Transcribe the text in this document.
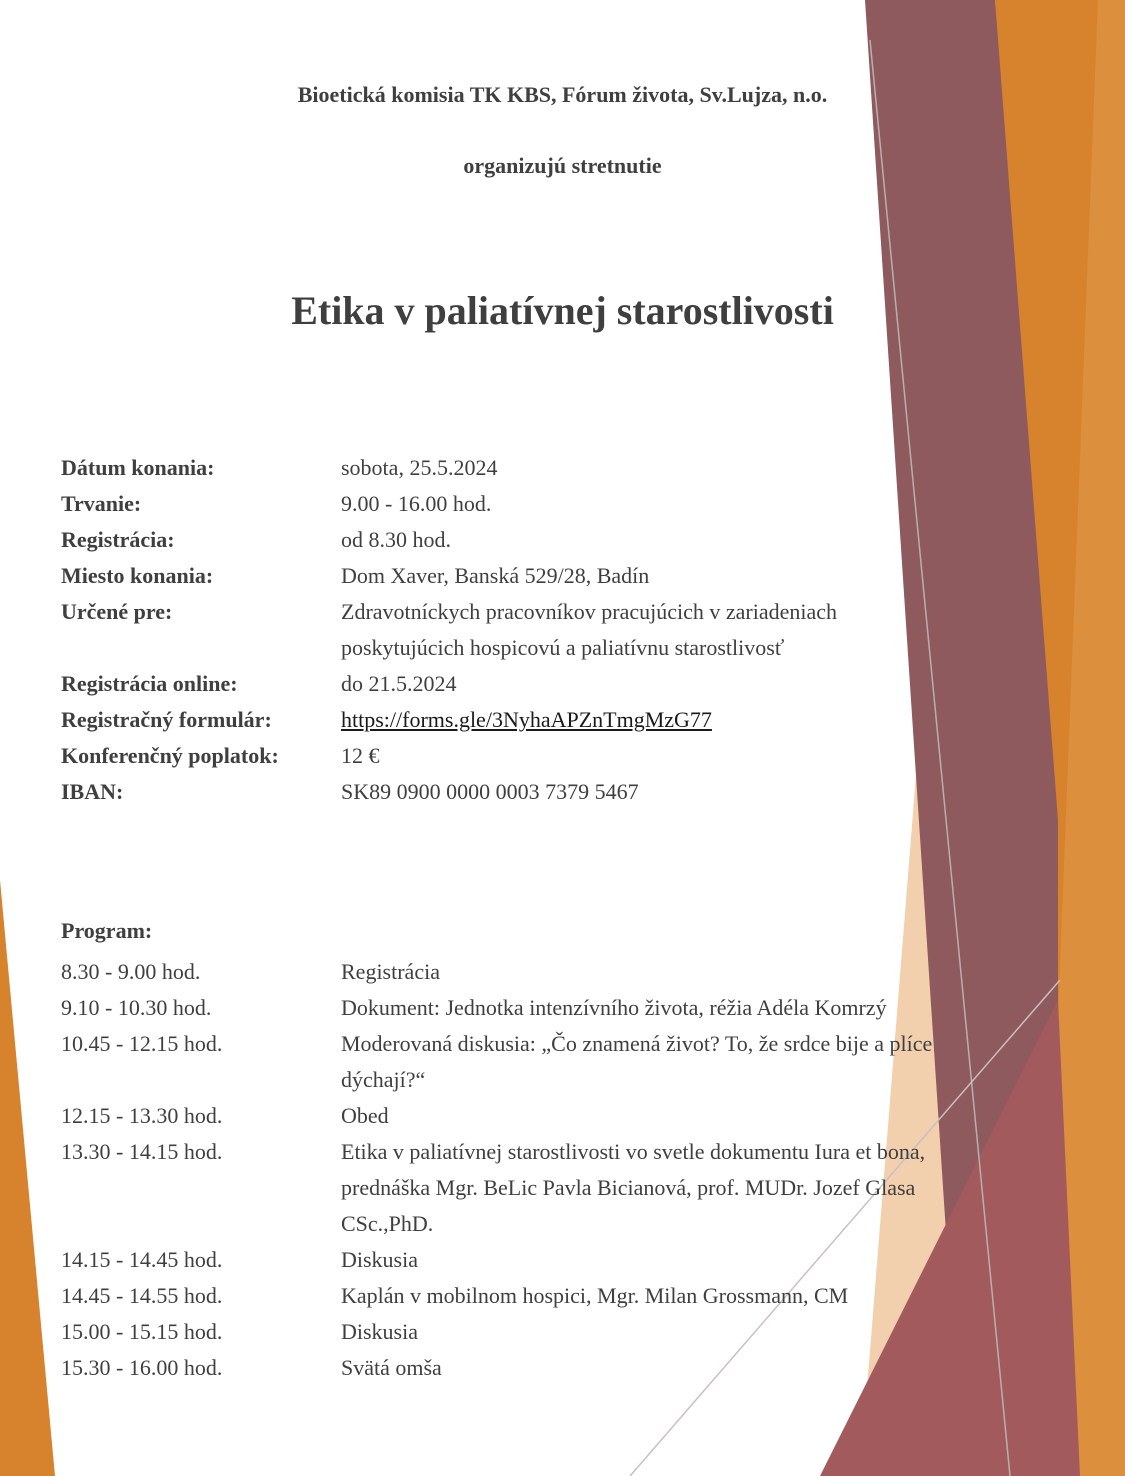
Bioetická komisia TK KBS, Fórum života, Sv.Lujza, n.o.
organizujú stretnutie
Etika v paliatívnej starostlivosti
Dátum konania:	sobota, 25.5.2024
Trvanie:	9.00 - 16.00 hod.
Registrácia:	od 8.30 hod.
Miesto konania:	Dom Xaver, Banská 529/28, Badín
Určené pre:	Zdravotníckych pracovníkov pracujúcich v zariadeniach poskytujúcich hospicovú a paliatívnu starostlivosť
Registrácia online:	do 21.5.2024
Registračný formulár:	https://forms.gle/3NyhaAPZnTmgMzG77
Konferenčný poplatok:	12 €
IBAN:	SK89 0900 0000 0003 7379 5467
Program:
8.30 - 9.00 hod.	Registrácia
9.10 - 10.30 hod.	Dokument: Jednotka intenzívního života, réžia Adéla Komrzý
10.45 - 12.15 hod.	Moderovaná diskusia: „Čo znamená život? To, že srdce bije a plíce dýchají?“
12.15 - 13.30 hod.	Obed
13.30 - 14.15 hod.	Etika v paliatívnej starostlivosti vo svetle dokumentu Iura et bona, prednáška Mgr. BeLic Pavla Bicianová, prof. MUDr. Jozef Glasa CSc.,PhD.
14.15 - 14.45 hod.	Diskusia
14.45 - 14.55 hod.	Kaplán v mobilnom hospici, Mgr. Milan Grossmann, CM
15.00 - 15.15 hod.	Diskusia
15.30 - 16.00 hod.	Svätá omša
